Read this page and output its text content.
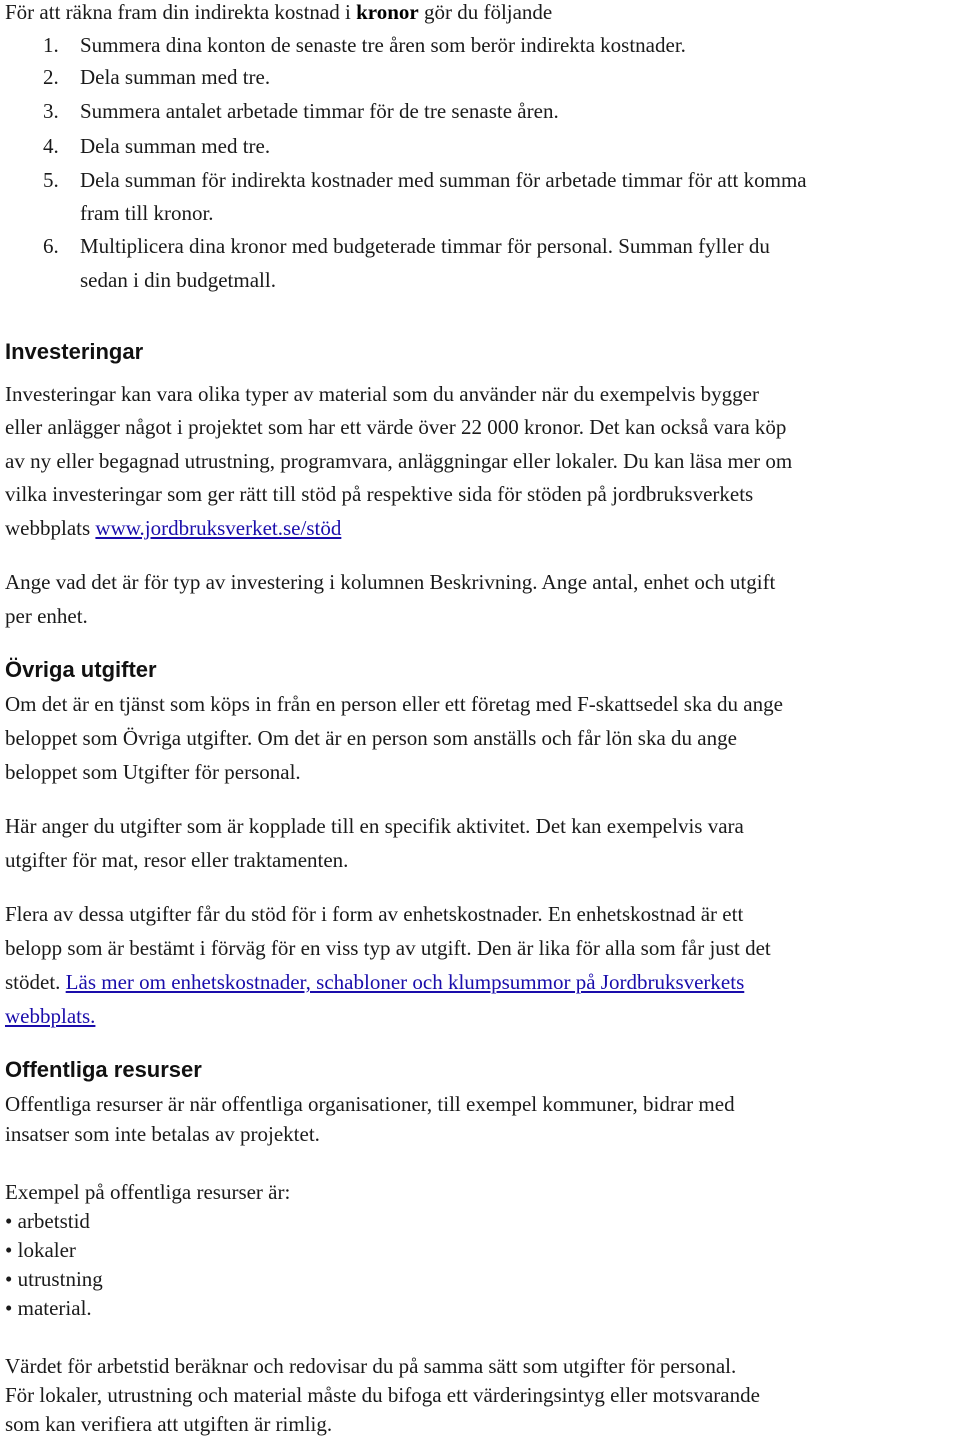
För att räkna fram din indirekta kostnad i kronor gör du följande
1. Summera dina konton de senaste tre åren som berör indirekta kostnader.
2. Dela summan med tre.
3. Summera antalet arbetade timmar för de tre senaste åren.
4. Dela summan med tre.
5. Dela summan för indirekta kostnader med summan för arbetade timmar för att komma
fram till kronor.
6. Multiplicera dina kronor med budgeterade timmar för personal. Summan fyller du
sedan i din budgetmall.
Investeringar
Investeringar kan vara olika typer av material som du använder när du exempelvis bygger
eller anlägger något i projektet som har ett värde över 22 000 kronor. Det kan också vara köp
av ny eller begagnad utrustning, programvara, anläggningar eller lokaler. Du kan läsa mer om
vilka investeringar som ger rätt till stöd på respektive sida för stöden på jordbruksverkets
webbplats www.jordbruksverket.se/stöd
Ange vad det är för typ av investering i kolumnen Beskrivning. Ange antal, enhet och utgift
per enhet.
Övriga utgifter
Om det är en tjänst som köps in från en person eller ett företag med F-skattsedel ska du ange
beloppet som Övriga utgifter. Om det är en person som anställs och får lön ska du ange
beloppet som Utgifter för personal.
Här anger du utgifter som är kopplade till en specifik aktivitet. Det kan exempelvis vara
utgifter för mat, resor eller traktamenten.
Flera av dessa utgifter får du stöd för i form av enhetskostnader. En enhetskostnad är ett
belopp som är bestämt i förväg för en viss typ av utgift. Den är lika för alla som får just det
stödet. Läs mer om enhetskostnader, schabloner och klumpsummor på Jordbruksverkets
webbplats.
Offentliga resurser
Offentliga resurser är när offentliga organisationer, till exempel kommuner, bidrar med
insatser som inte betalas av projektet.
Exempel på offentliga resurser är:
• arbetstid
• lokaler
• utrustning
• material.
Värdet för arbetstid beräknar och redovisar du på samma sätt som utgifter för personal.
För lokaler, utrustning och material måste du bifoga ett värderingsintyg eller motsvarande
som kan verifiera att utgiften är rimlig.
